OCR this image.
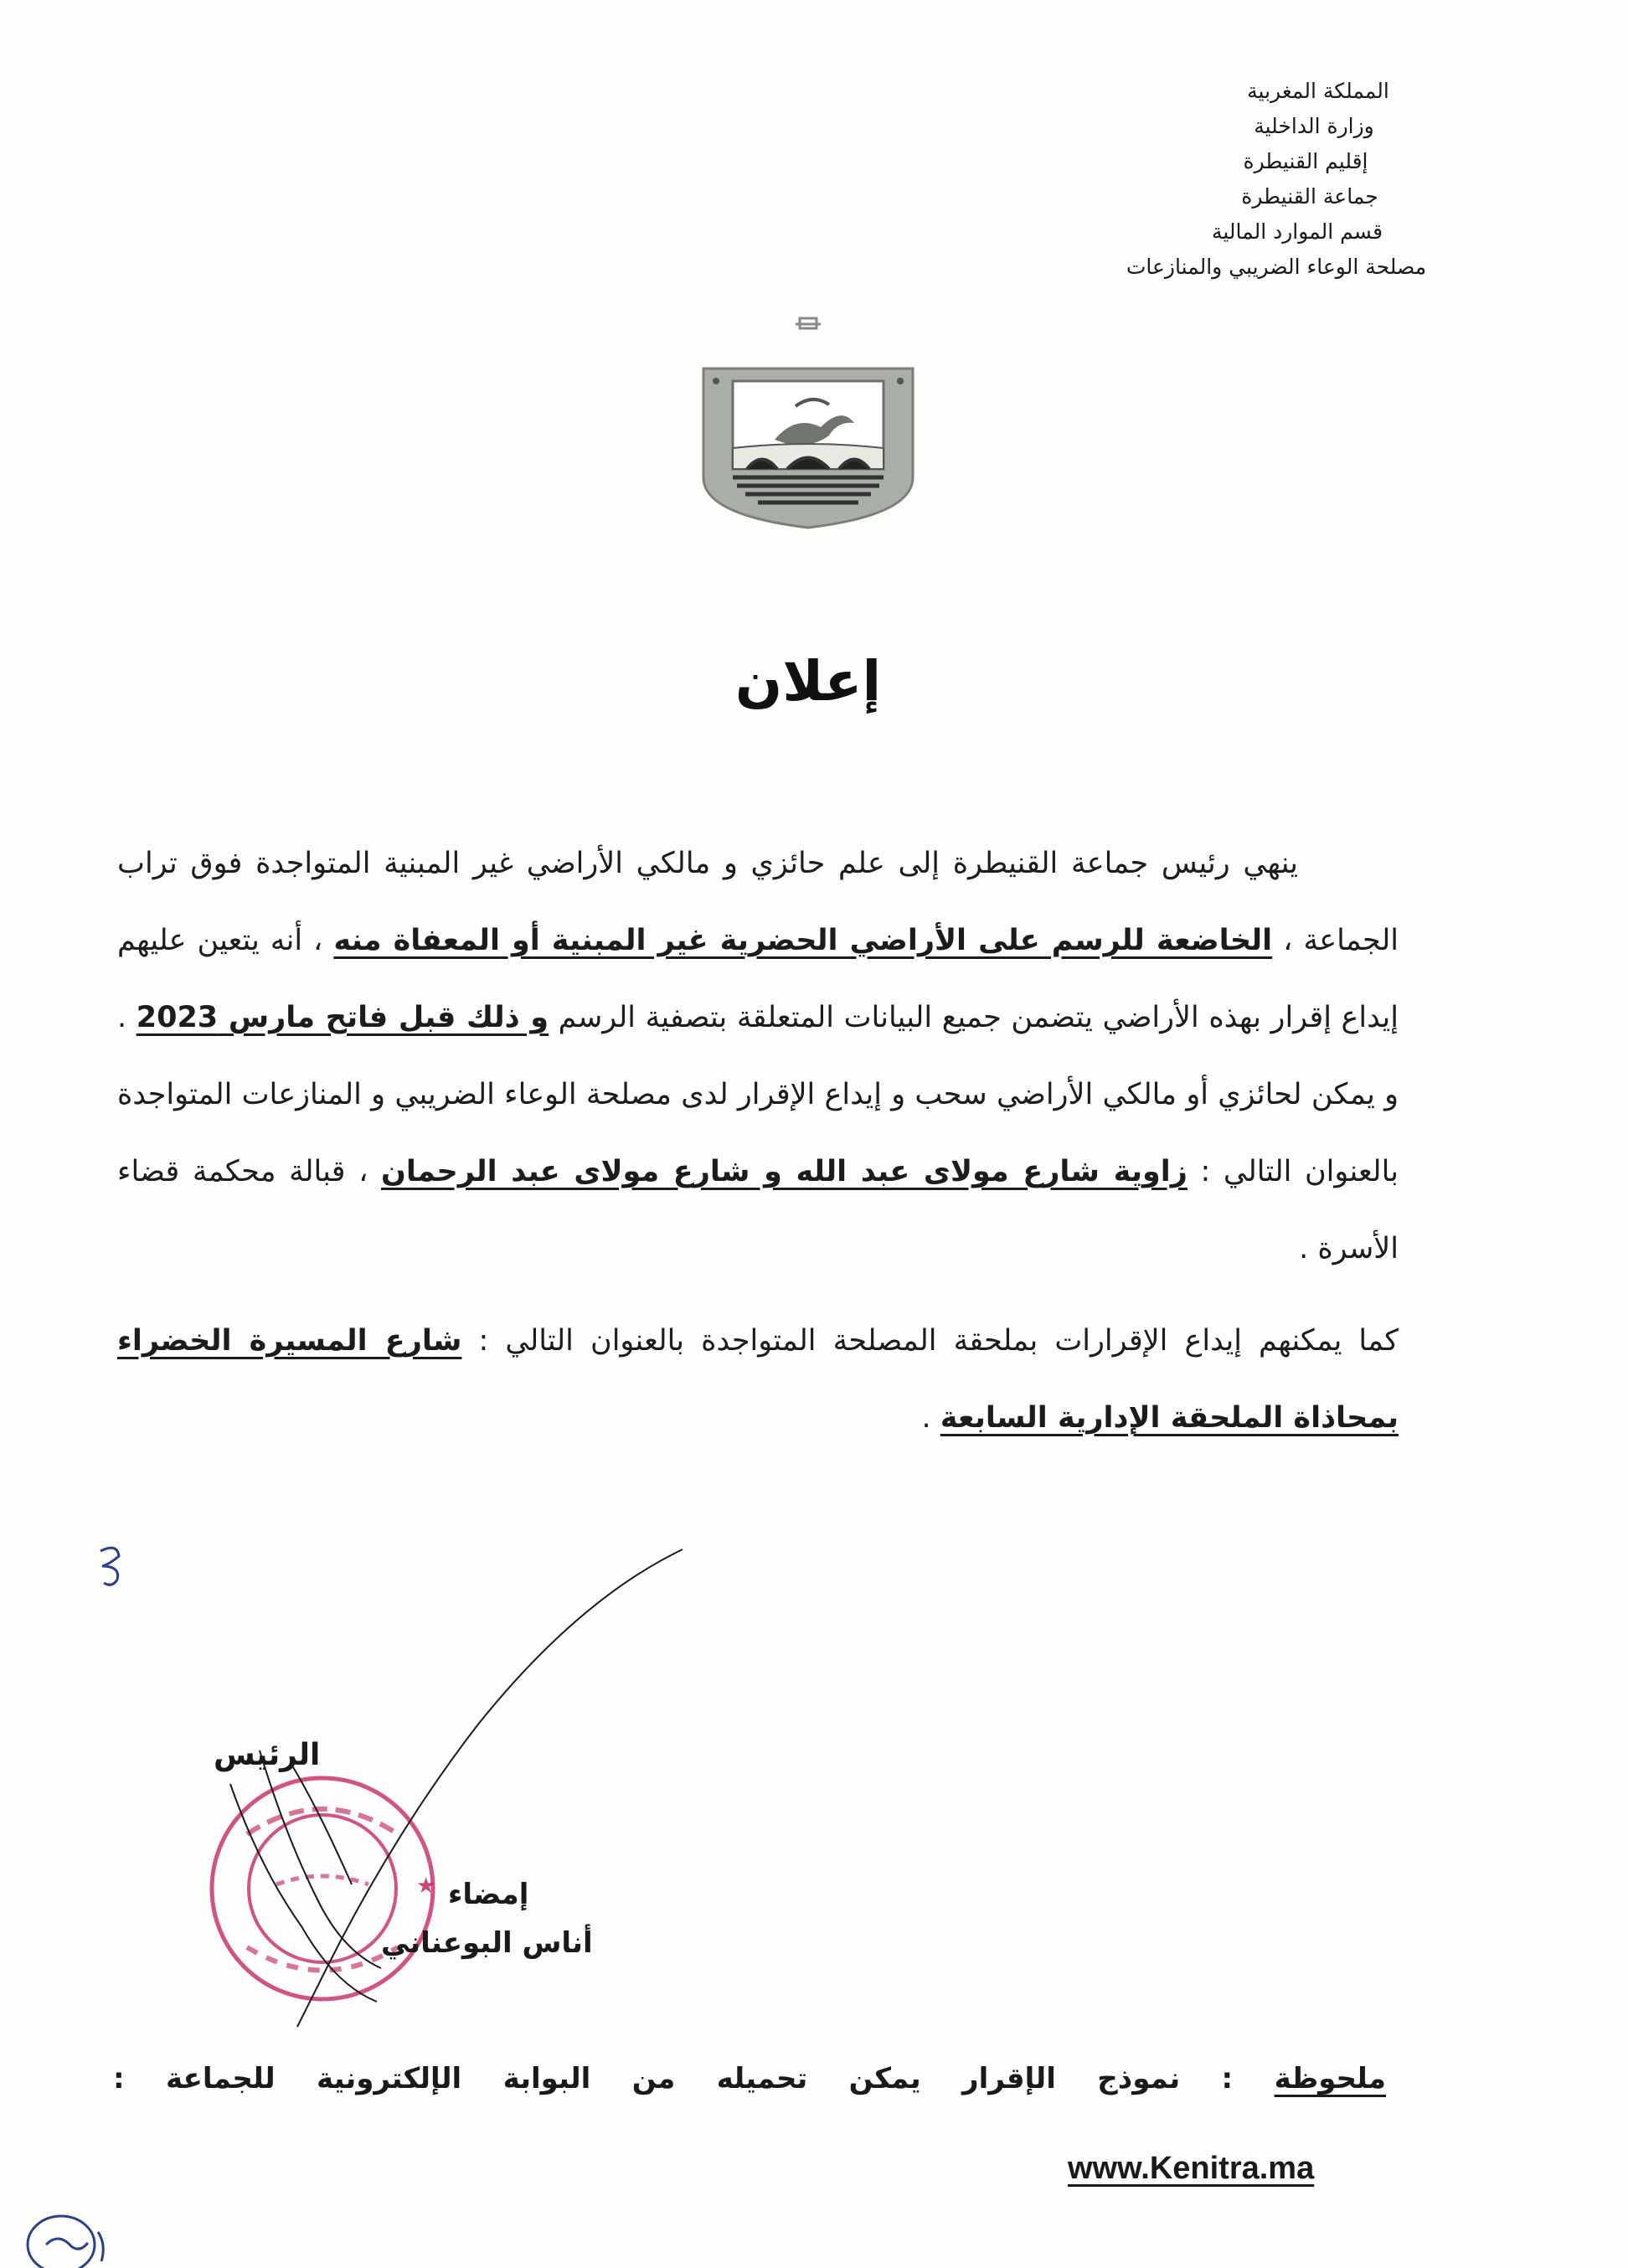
المملكة المغربية
وزارة الداخلية
إقليم القنيطرة
جماعة القنيطرة
قسم الموارد المالية
مصلحة الوعاء الضريبي والمنازعات
إعلان

ينهي رئيس جماعة القنيطرة إلى علم حائزي و مالكي الأراضي غير المبنية المتواجدة فوق تراب الجماعة ، الخاضعة للرسم على الأراضي الحضرية غير المبنية أو المعفاة منه ، أنه يتعين عليهم إيداع إقرار بهذه الأراضي يتضمن جميع البيانات المتعلقة بتصفية الرسم و ذلك قبل فاتح مارس 2023 . و يمكن لحائزي أو مالكي الأراضي سحب و إيداع الإقرار لدى مصلحة الوعاء الضريبي و المنازعات المتواجدة بالعنوان التالي : زاوية شارع مولاى عبد الله و شارع مولاى عبد الرحمان ، قبالة محكمة قضاء الأسرة .

كما يمكنهم إيداع الإقرارات بملحقة المصلحة المتواجدة بالعنوان التالي : شارع المسيرة الخضراء بمحاذاة الملحقة الإدارية السابعة .

★
الرئيس
إمضاء
أناس البوعناني
ملحوظة : نموذج الإقرار يمكن تحميله من البوابة الإلكترونية للجماعة :
www.Kenitra.ma
